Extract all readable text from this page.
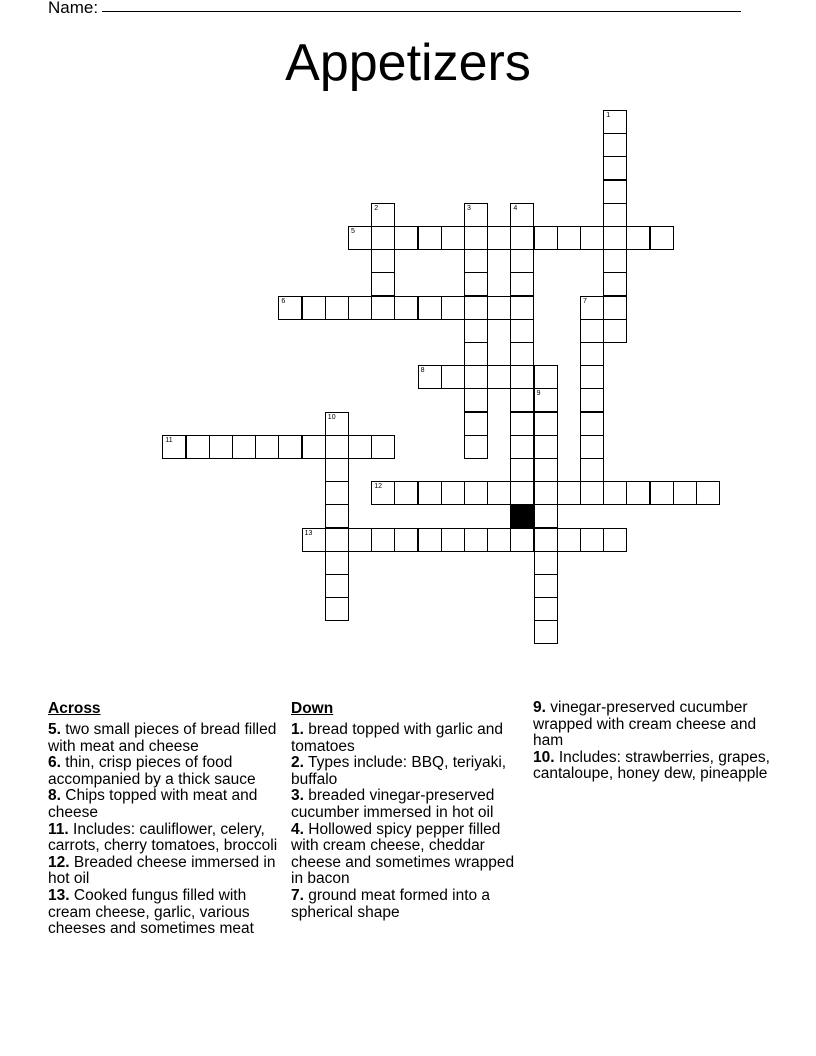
Name:
Appetizers
1
2	3	4
5
6	7
8
9
10
11
12
13
Across
5. two small pieces of bread filled with meat and cheese
6. thin, crisp pieces of food accompanied by a thick sauce
8. Chips topped with meat and cheese
11. Includes: cauliflower, celery, carrots, cherry tomatoes, broccoli
12. Breaded cheese immersed in hot oil
13. Cooked fungus filled with cream cheese, garlic, various cheeses and sometimes meat
Down
1. bread topped with garlic and tomatoes
2. Types include: BBQ, teriyaki, buffalo
3. breaded vinegar-preserved cucumber immersed in hot oil
4. Hollowed spicy pepper filled with cream cheese, cheddar cheese and sometimes wrapped in bacon
7. ground meat formed into a spherical shape
9. vinegar-preserved cucumber wrapped with cream cheese and ham
10. Includes: strawberries, grapes, cantaloupe, honey dew, pineapple
